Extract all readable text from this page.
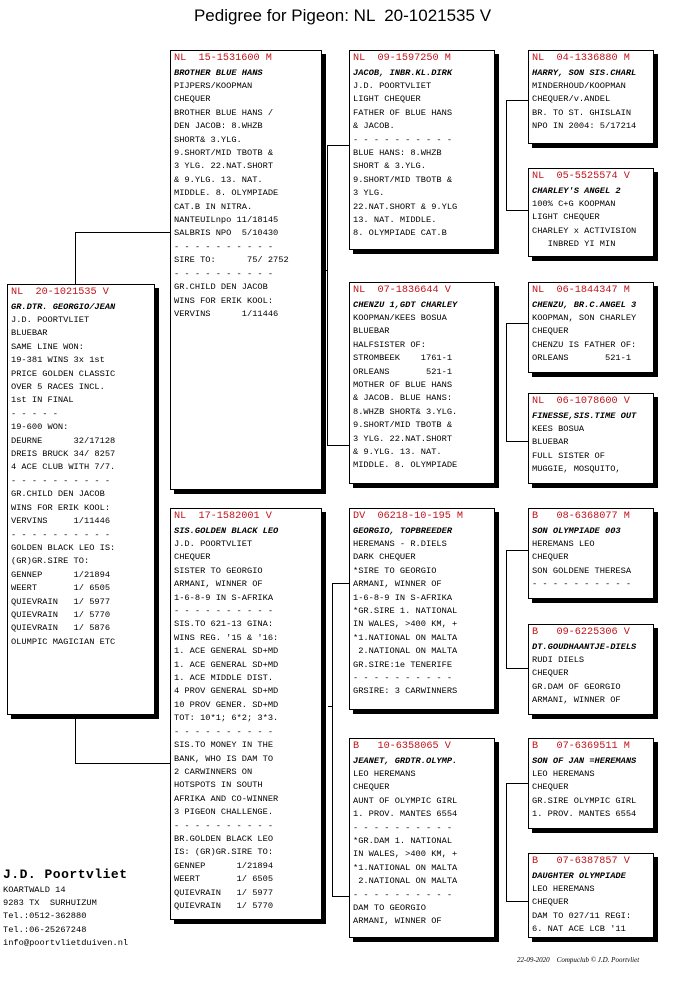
Pedigree for Pigeon: NL  20-1021535 V
NL  20-1021535 V
GR.DTR. GEORGIO/JEAN
J.D. POORTVLIET
BLUEBAR
SAME LINE WON:
19-381 WINS 3x 1st
PRICE GOLDEN CLASSIC
OVER 5 RACES INCL.
1st IN FINAL
- - - - -
19-600 WON:
DEURNE      32/17128
DREIS BRUCK 34/ 8257
4 ACE CLUB WITH 7/7.
- - - - - - - - - -
GR.CHILD DEN JACOB
WINS FOR ERIK KOOL:
VERVINS     1/11446
- - - - - - - - - -
GOLDEN BLACK LEO IS:
(GR)GR.SIRE TO:
GENNEP      1/21894
WEERT       1/ 6505
QUIEVRAIN   1/ 5977
QUIEVRAIN   1/ 5770
QUIEVRAIN   1/ 5876
OLUMPIC MAGICIAN ETC
NL  15-1531600 M
BROTHER BLUE HANS
PIJPERS/KOOPMAN
CHEQUER
BROTHER BLUE HANS /
DEN JACOB: 8.WHZB
SHORT& 3.YLG.
9.SHORT/MID TBOTB &
3 YLG. 22.NAT.SHORT
& 9.YLG. 13. NAT.
MIDDLE. 8. OLYMPIADE
CAT.B IN NITRA.
NANTEUILnpo 11/18145
SALBRIS NPO  5/10430
- - - - - - - - - -
SIRE TO:      75/ 2752
- - - - - - - - - -
GR.CHILD DEN JACOB
WINS FOR ERIK KOOL:
VERVINS      1/11446
NL  17-1582001 V
SIS.GOLDEN BLACK LEO
J.D. POORTVLIET
CHEQUER
SISTER TO GEORGIO
ARMANI, WINNER OF
1-6-8-9 IN S-AFRIKA
- - - - - - - - - -
SIS.TO 621-13 GINA:
WINS REG. '15 & '16:
1. ACE GENERAL SD+MD
1. ACE GENERAL SD+MD
1. ACE MIDDLE DIST.
4 PROV GENERAL SD+MD
10 PROV GENER. SD+MD
TOT: 10*1; 6*2; 3*3.
- - - - - - - - - -
SIS.TO MONEY IN THE
BANK, WHO IS DAM TO
2 CARWINNERS ON
HOTSPOTS IN SOUTH
AFRIKA AND CO-WINNER
3 PIGEON CHALLENGE.
- - - - - - - - - -
BR.GOLDEN BLACK LEO
IS: (GR)GR.SIRE TO:
GENNEP      1/21894
WEERT       1/ 6505
QUIEVRAIN   1/ 5977
QUIEVRAIN   1/ 5770
NL  09-1597250 M
JACOB, INBR.KL.DIRK
J.D. POORTVLIET
LIGHT CHEQUER
FATHER OF BLUE HANS
& JACOB.
- - - - - - - - - -
BLUE HANS: 8.WHZB
SHORT & 3.YLG.
9.SHORT/MID TBOTB &
3 YLG.
22.NAT.SHORT & 9.YLG
13. NAT. MIDDLE.
8. OLYMPIADE CAT.B
NL  07-1836644 V
CHENZU 1,GDT CHARLEY
KOOPMAN/KEES BOSUA
BLUEBAR
HALFSISTER OF:
STROMBEEK    1761-1
ORLEANS       521-1
MOTHER OF BLUE HANS
& JACOB. BLUE HANS:
8.WHZB SHORT& 3.YLG.
9.SHORT/MID TBOTB &
3 YLG. 22.NAT.SHORT
& 9.YLG. 13. NAT.
MIDDLE. 8. OLYMPIADE
DV  06218-10-195 M
GEORGIO, TOPBREEDER
HEREMANS - R.DIELS
DARK CHEQUER
*SIRE TO GEORGIO
ARMANI, WINNER OF
1-6-8-9 IN S-AFRIKA
*GR.SIRE 1. NATIONAL
IN WALES, >400 KM, +
*1.NATIONAL ON MALTA
2.NATIONAL ON MALTA
GR.SIRE:1e TENERIFE
- - - - - - - - - -
GRSIRE: 3 CARWINNERS
B   10-6358065 V
JEANET, GRDTR.OLYMP.
LEO HEREMANS
CHEQUER
AUNT OF OLYMPIC GIRL
1. PROV. MANTES 6554
- - - - - - - - - -
*GR.DAM 1. NATIONAL
IN WALES, >400 KM, +
*1.NATIONAL ON MALTA
2.NATIONAL ON MALTA
- - - - - - - - - -
DAM TO GEORGIO
ARMANI, WINNER OF
NL  04-1336880 M
HARRY, SON SIS.CHARL
MINDERHOUD/KOOPMAN
CHEQUER/v.ANDEL
BR. TO ST. GHISLAIN
NPO IN 2004: 5/17214
NL  05-5525574 V
CHARLEY'S ANGEL 2
100% C+G KOOPMAN
LIGHT CHEQUER
CHARLEY x ACTIVISION
INBRED YI MIN
NL  06-1844347 M
CHENZU, BR.C.ANGEL 3
KOOPMAN, SON CHARLEY
CHEQUER
CHENZU IS FATHER OF:
ORLEANS       521-1
NL  06-1078600 V
FINESSE,SIS.TIME OUT
KEES BOSUA
BLUEBAR
FULL SISTER OF
MUGGIE, MOSQUITO,
B   08-6368077 M
SON OLYMPIADE 003
HEREMANS LEO
CHEQUER
SON GOLDENE THERESA
- - - - - - - - - -
B   09-6225306 V
DT.GOUDHAANTJE-DIELS
RUDI DIELS
CHEQUER
GR.DAM OF GEORGIO
ARMANI, WINNER OF
B   07-6369511 M
SON OF JAN =HEREMANS
LEO HEREMANS
CHEQUER
GR.SIRE OLYMPIC GIRL
1. PROV. MANTES 6554
B   07-6387857 V
DAUGHTER OLYMPIADE
LEO HEREMANS
CHEQUER
DAM TO 027/11 REGI:
6. NAT ACE LCB '11
J.D. Poortvliet
KOARTWALD 14
9283 TX  SURHUIZUM
Tel.:0512-362880
Tel.:06-25267248
info@poortvlietduiven.nl
22-09-2020    Compuclub © J.D. Poortvliet
